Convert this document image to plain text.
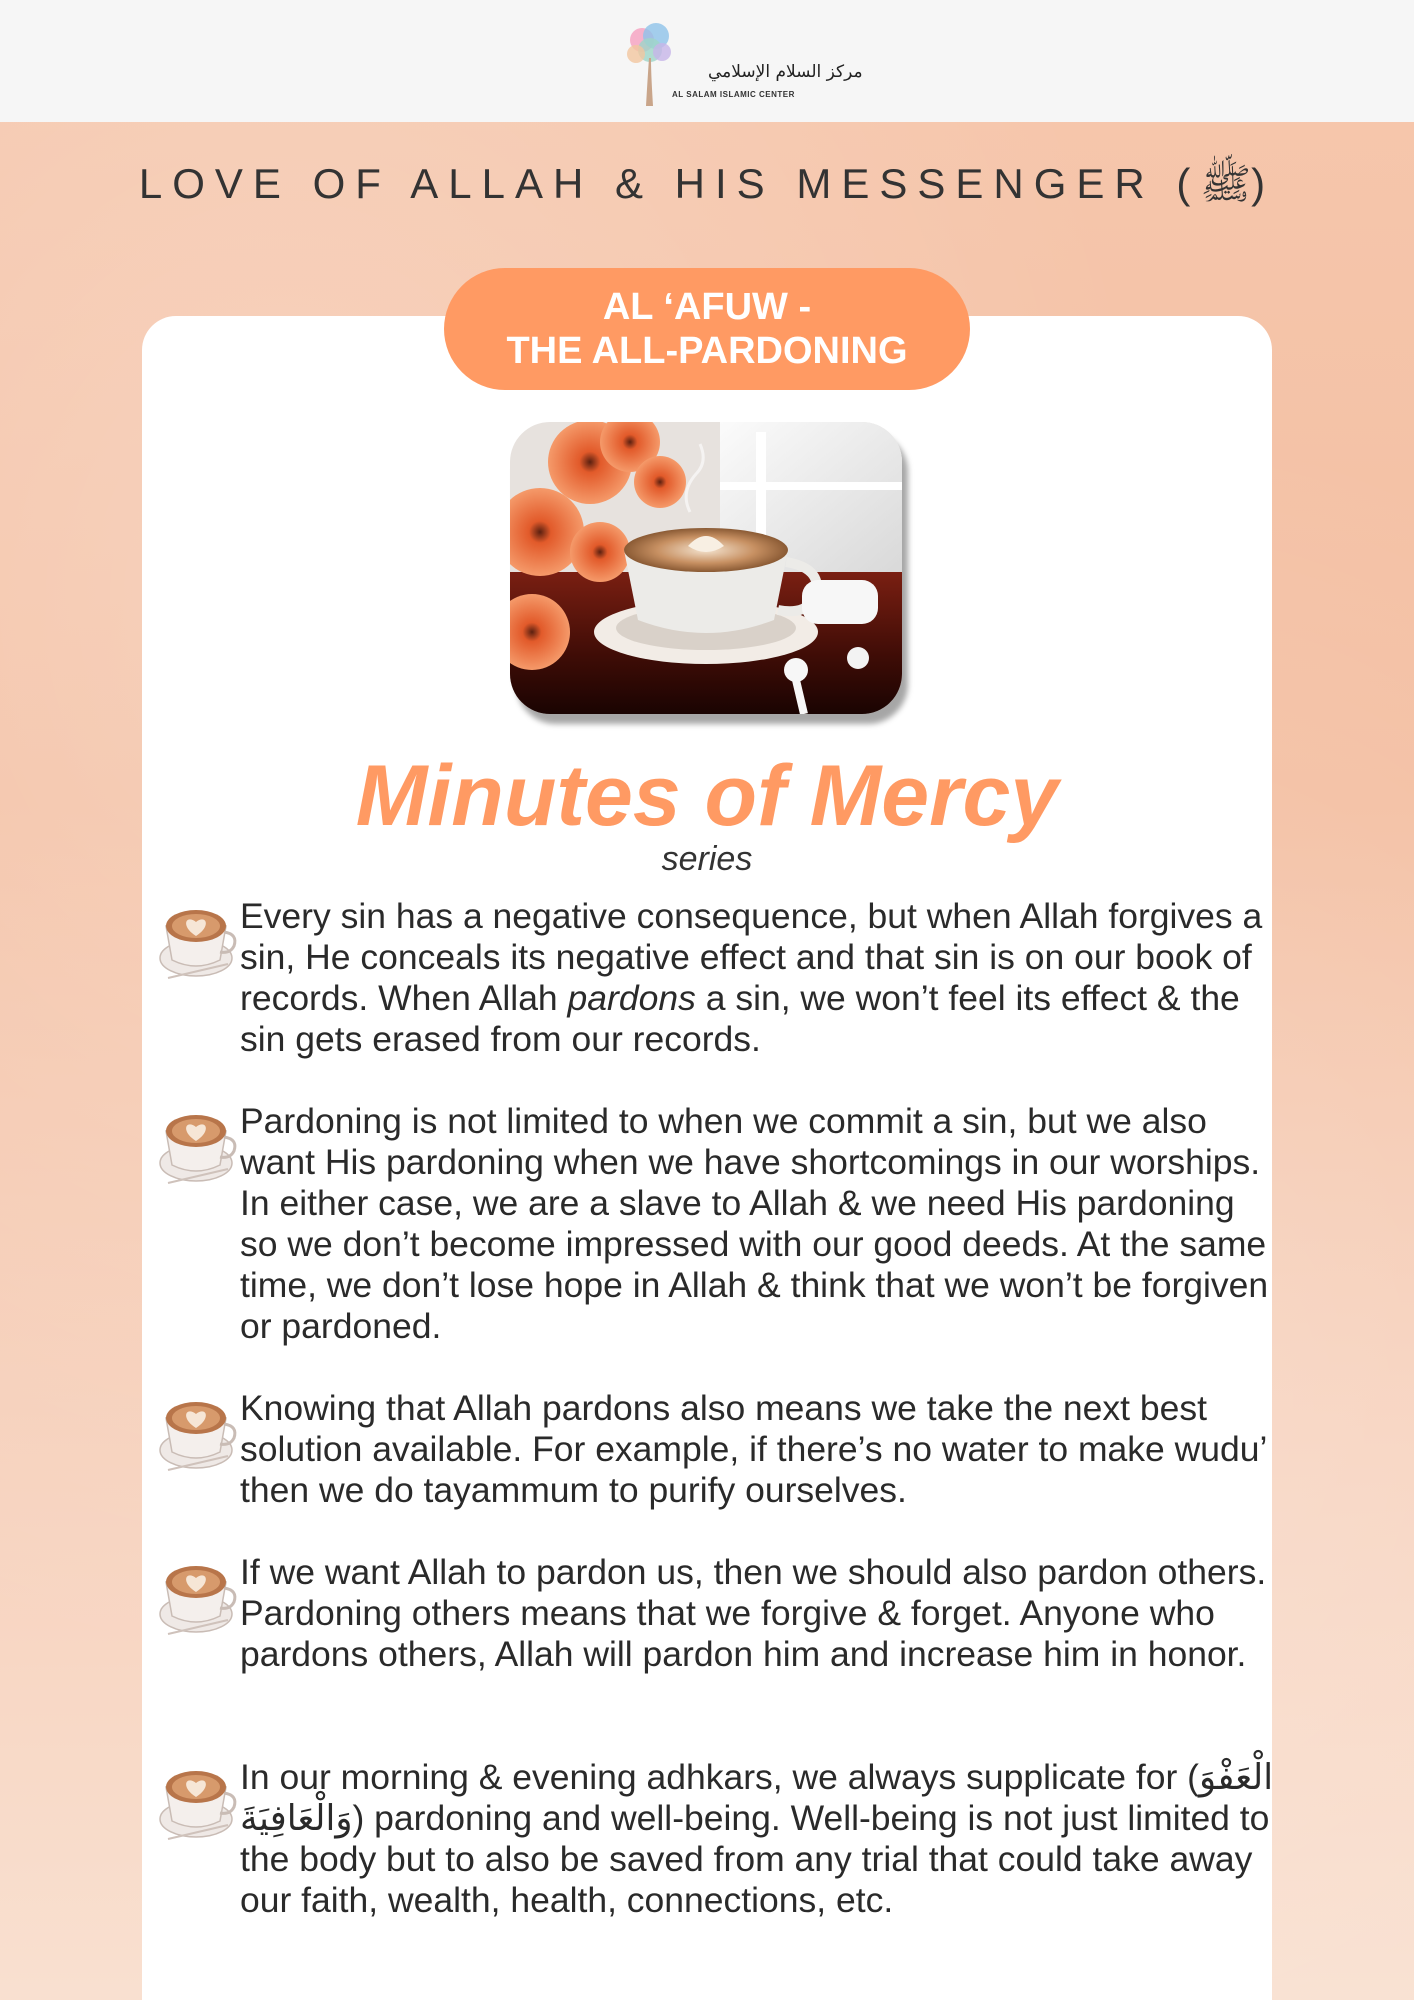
مركز السلام الإسلامي
AL SALAM ISLAMIC CENTER
LOVE OF ALLAH & HIS MESSENGER (ﷺ)
AL ‘AFUW -
THE ALL-PARDONING
Minutes of Mercy
series

Every sin has a negative consequence, but when Allah forgives a sin, He conceals its negative effect and that sin is on our book of records. When Allah pardons a sin, we won’t feel its effect & the sin gets erased from our records.

Pardoning is not limited to when we commit a sin, but we also want His pardoning when we have shortcomings in our worships. In either case, we are a slave to Allah & we need His pardoning so we don’t become impressed with our good deeds. At the same time, we don’t lose hope in Allah & think that we won’t be forgiven or pardoned.

Knowing that Allah pardons also means we take the next best solution available. For example, if there’s no water to make wudu’ then we do tayammum to purify ourselves.

If we want Allah to pardon us, then we should also pardon others. Pardoning others means that we forgive & forget. Anyone who pardons others, Allah will pardon him and increase him in honor.

In our morning & evening adhkars, we always supplicate for (الْعَفْوَ وَالْعَافِيَةَ) pardoning and well-being. Well-being is not just limited to the body but to also be saved from any trial that could take away our faith, wealth, health, connections, etc.
